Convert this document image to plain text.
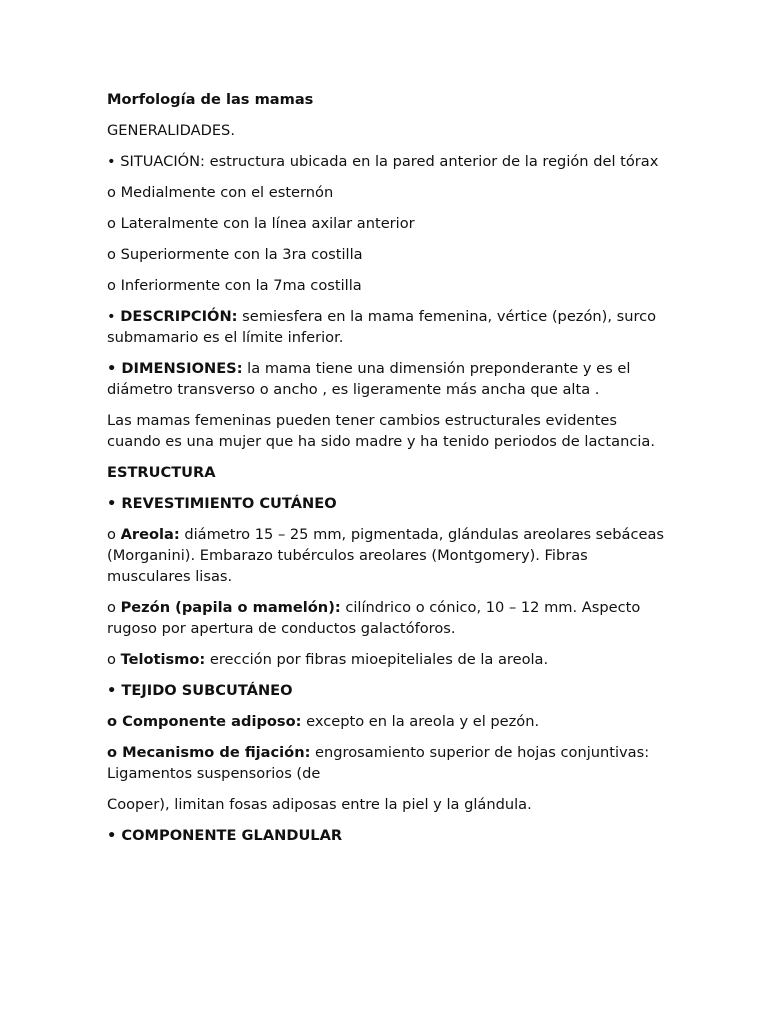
Morfología de las mamas

GENERALIDADES.

• SITUACIÓN: estructura ubicada en la pared anterior de la región del tórax

o Medialmente con el esternón

o Lateralmente con la línea axilar anterior

o Superiormente con la 3ra costilla

o Inferiormente con la 7ma costilla

• DESCRIPCIÓN: semiesfera en la mama femenina, vértice (pezón), surco submamario es el límite inferior.

• DIMENSIONES: la mama tiene una dimensión preponderante y es el diámetro transverso o ancho , es ligeramente más ancha que alta .

Las mamas femeninas pueden tener cambios estructurales evidentes cuando es una mujer que ha sido madre y ha tenido periodos de lactancia.

ESTRUCTURA

• REVESTIMIENTO CUTÁNEO

o Areola: diámetro 15 – 25 mm, pigmentada, glándulas areolares sebáceas (Morganini). Embarazo tubérculos areolares (Montgomery). Fibras musculares lisas.

o Pezón (papila o mamelón): cilíndrico o cónico, 10 – 12 mm. Aspecto rugoso por apertura de conductos galactóforos.

o Telotismo: erección por fibras mioepiteliales de la areola.

• TEJIDO SUBCUTÁNEO

o Componente adiposo: excepto en la areola y el pezón.

o Mecanismo de fijación: engrosamiento superior de hojas conjuntivas: Ligamentos suspensorios (de

Cooper), limitan fosas adiposas entre la piel y la glándula.

• COMPONENTE GLANDULAR
